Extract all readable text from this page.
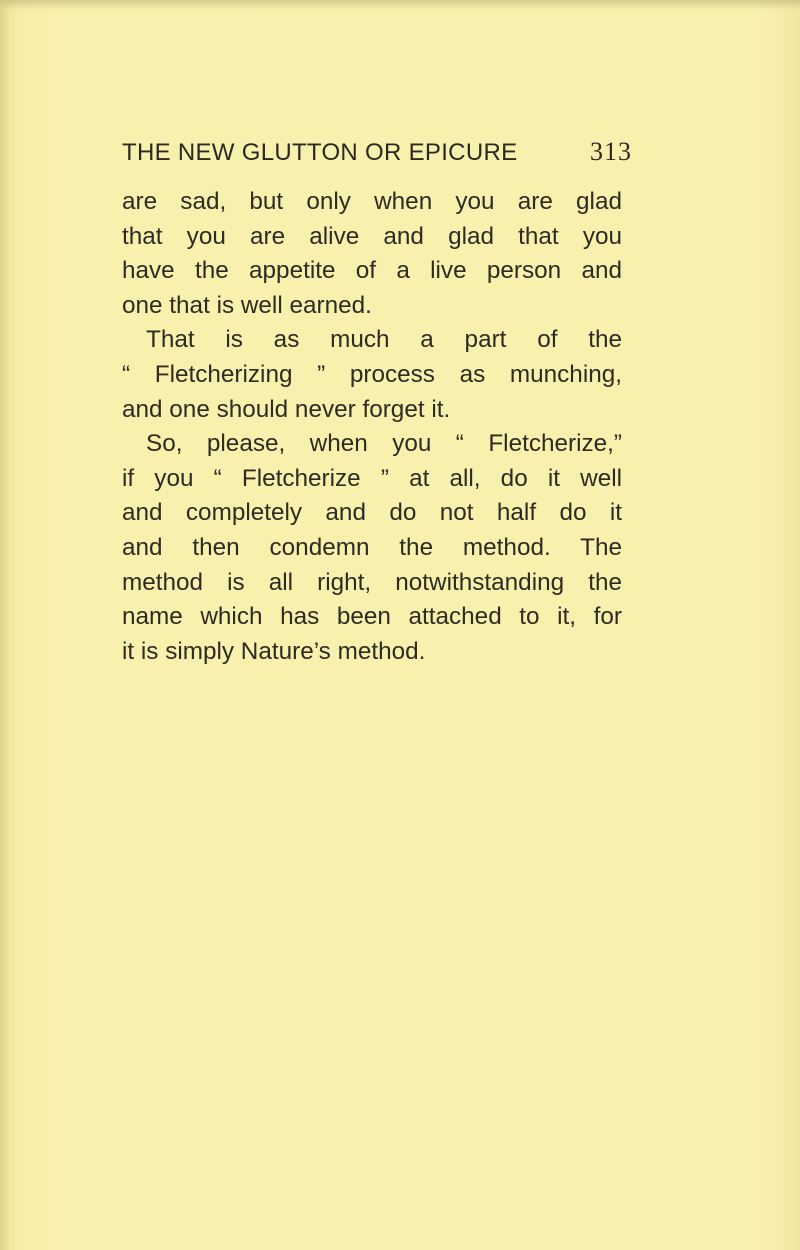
THE NEW GLUTTON OR EPICURE	313
are sad, but only when you are glad
that you are alive and glad that you
have the appetite of a live person and
one that is well earned.
That is as much a part of the
“ Fletcherizing ” process as munching,
and one should never forget it.
So, please, when you “ Fletcherize,”
if you “ Fletcherize ” at all, do it well
and completely and do not half do it
and then condemn the method. The
method is all right, notwithstanding the
name which has been attached to it, for
it is simply Nature’s method.
